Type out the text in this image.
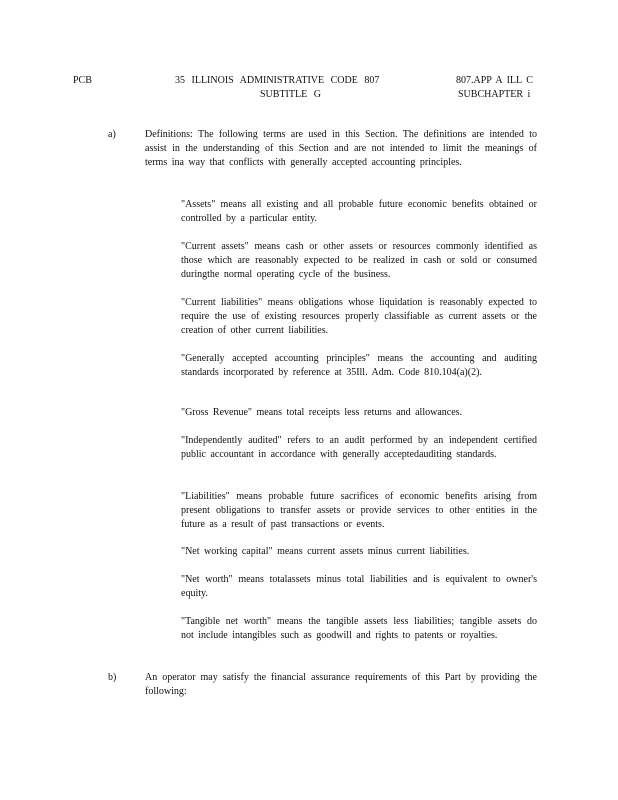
PCB	35 ILLINOIS ADMINISTRATIVE CODE 807
SUBTITLE G
807.APP A ILL C
SUBCHAPTER i
a)	Definitions: The following terms are used in this Section. The definitions are intended to assist in the understanding of this Section and are not intended to limit the meanings of terms ina way that conflicts with generally accepted accounting principles.
"Assets" means all existing and all probable future economic benefits obtained or controlled by a particular entity.
"Current assets" means cash or other assets or resources commonly identified as those which are reasonably expected to be realized in cash or sold or consumed duringthe normal operating cycle of the business.
"Current liabilities" means obligations whose liquidation is reasonably expected to require the use of existing resources properly classifiable as current assets or the creation of other current liabilities.
"Generally accepted accounting principles" means the accounting and auditing standards incorporated by reference at 35Ill. Adm. Code 810.104(a)(2).
"Gross Revenue" means total receipts less returns and allowances.
"Independently audited" refers to an audit performed by an independent certified public accountant in accordance with generally acceptedauditing standards.
"Liabilities" means probable future sacrifices of economic benefits arising from present obligations to transfer assets or provide services to other entities in the future as a result of past transactions or events.
"Net working capital" means current assets minus current liabilities.
"Net worth" means totalassets minus total liabilities and is equivalent to owner's equity.
"Tangible net worth" means the tangible assets less liabilities; tangible assets do not include intangibles such as goodwill and rights to patents or royalties.
b)	An operator may satisfy the financial assurance requirements of this Part by providing the following:
